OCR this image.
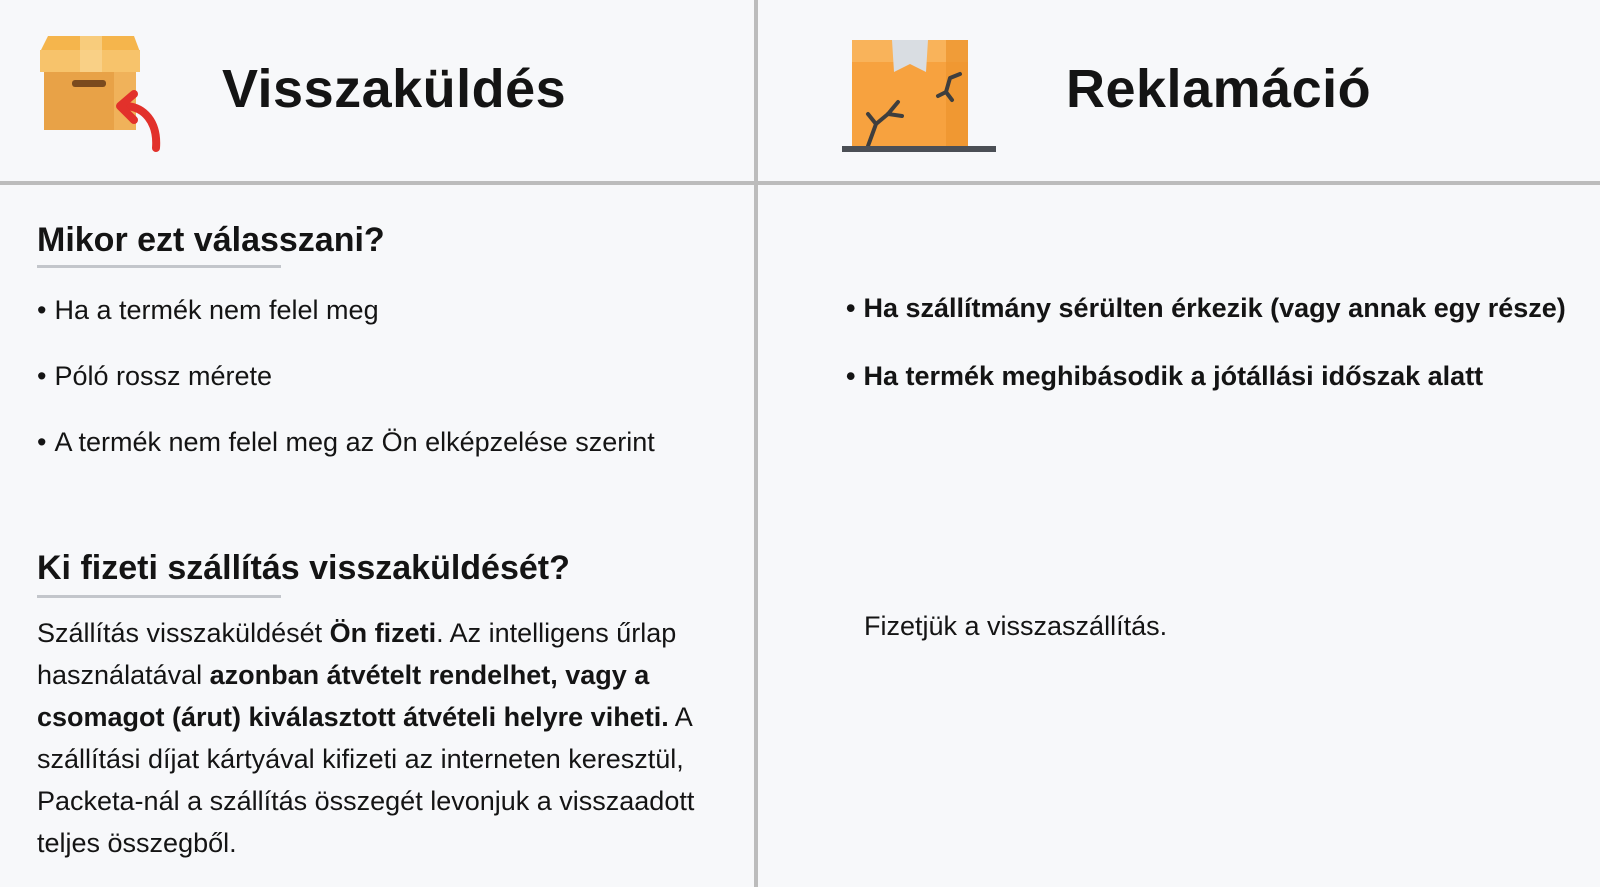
Visszaküldés	Reklamáció
Mikor ezt válasszani?
• Ha a termék nem felel meg
• Póló rossz mérete
• A termék nem felel meg az Ön elképzelése szerint
Ki fizeti szállítás visszaküldését?
Szállítás visszaküldését Ön fizeti. Az intelligens űrlap használatával azonban átvételt rendelhet, vagy a csomagot (árut) kiválasztott átvételi helyre viheti. A szállítási díjat kártyával kifizeti az interneten keresztül, Packeta-nál a szállítás összegét levonjuk a visszaadott teljes összegből.
• Ha szállítmány sérülten érkezik (vagy annak egy része)
• Ha termék meghibásodik a jótállási időszak alatt
Fizetjük a visszaszállítás.
